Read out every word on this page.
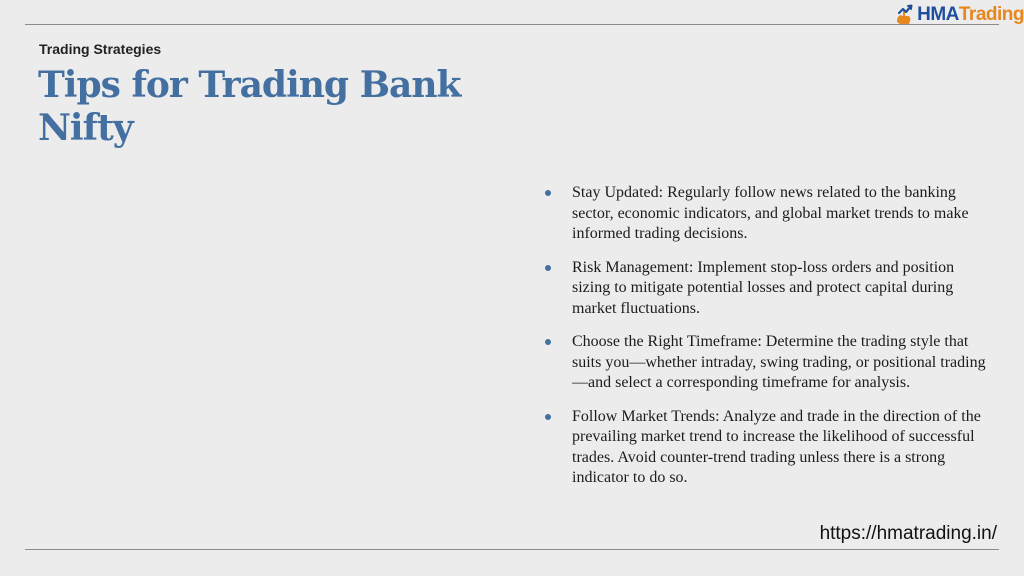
HMA Trading
Trading Strategies
Tips for Trading Bank Nifty
Stay Updated: Regularly follow news related to the banking sector, economic indicators, and global market trends to make informed trading decisions.
Risk Management: Implement stop-loss orders and position sizing to mitigate potential losses and protect capital during market fluctuations.
Choose the Right Timeframe: Determine the trading style that suits you—whether intraday, swing trading, or positional trading—and select a corresponding timeframe for analysis.
Follow Market Trends: Analyze and trade in the direction of the prevailing market trend to increase the likelihood of successful trades. Avoid counter-trend trading unless there is a strong indicator to do so.
https://hmatrading.in/
